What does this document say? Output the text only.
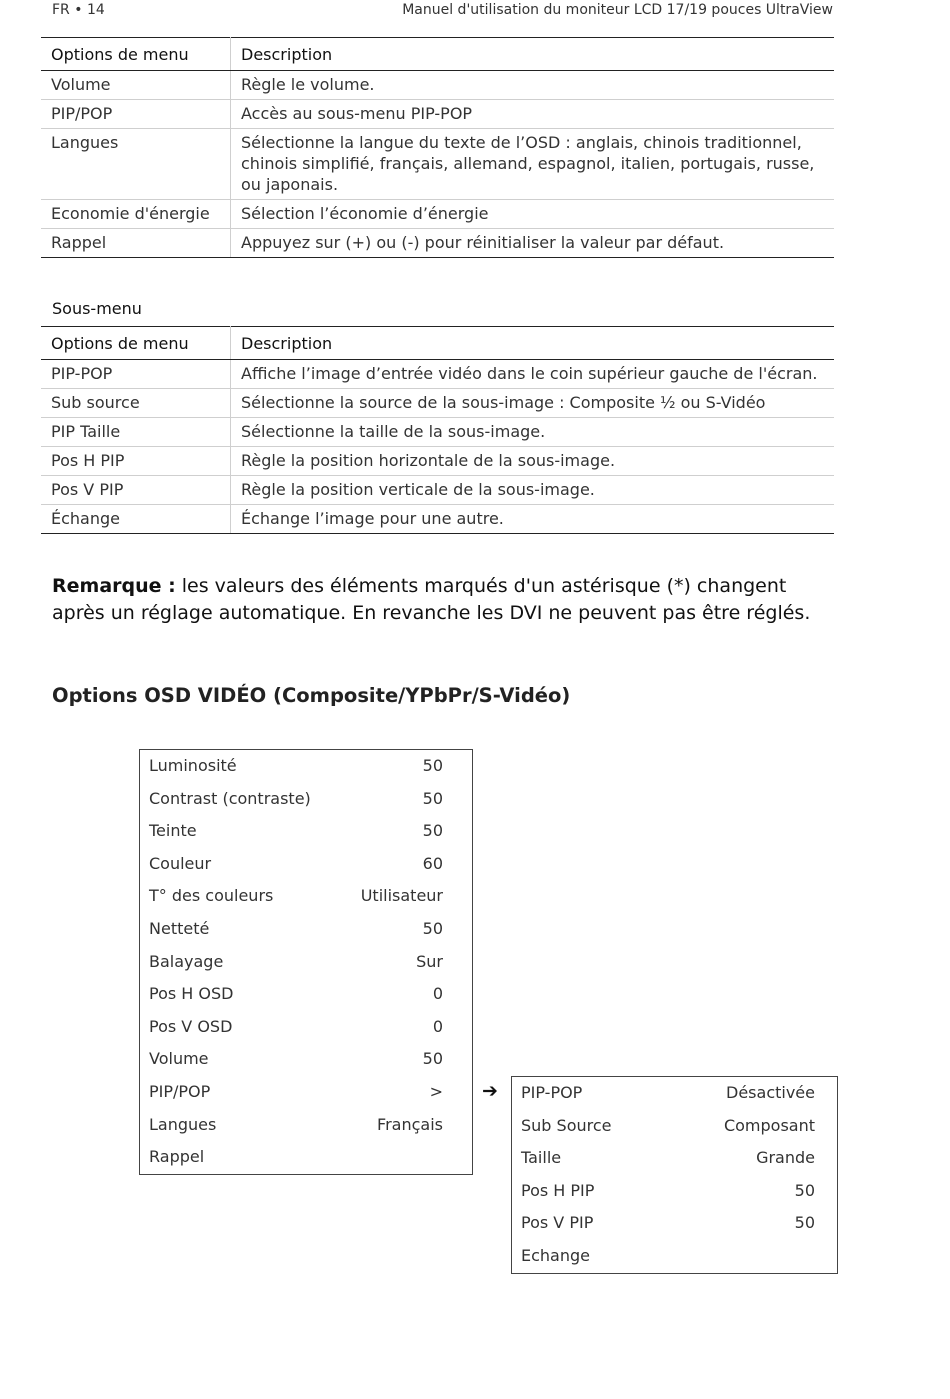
FR • 14	Manuel d'utilisation du moniteur LCD 17/19 pouces UltraView
Options de menu	Description
Volume	Règle le volume.
PIP/POP	Accès au sous-menu PIP-POP
Langues	Sélectionne la langue du texte de l’OSD : anglais, chinois traditionnel, chinois simplifié, français, allemand, espagnol, italien, portugais, russe, ou japonais.
Economie d'énergie	Sélection l’économie d’énergie
Rappel	Appuyez sur (+) ou (-) pour réinitialiser la valeur par défaut.
Sous-menu
Options de menu	Description
PIP-POP	Affiche l’image d’entrée vidéo dans le coin supérieur gauche de l'écran.
Sub source	Sélectionne la source de la sous-image : Composite ½ ou S-Vidéo
PIP Taille	Sélectionne la taille de la sous-image.
Pos H PIP	Règle la position horizontale de la sous-image.
Pos V PIP	Règle la position verticale de la sous-image.
Échange	Échange l’image pour une autre.
Remarque : les valeurs des éléments marqués d'un astérisque (*) changent après un réglage automatique. En revanche les DVI ne peuvent pas être réglés.
Options OSD VIDÉO (Composite/YPbPr/S-Vidéo)
Luminosité	50
Contrast (contraste)	50
Teinte	50
Couleur	60
T° des couleurs	Utilisateur
Netteté	50
Balayage	Sur
Pos H OSD	0
Pos V OSD	0
Volume	50
PIP/POP	>
Langues	Français
Rappel
➔ PIP-POP	Désactivée
Sub Source	Composant
Taille	Grande
Pos H PIP	50
Pos V PIP	50
Echange
